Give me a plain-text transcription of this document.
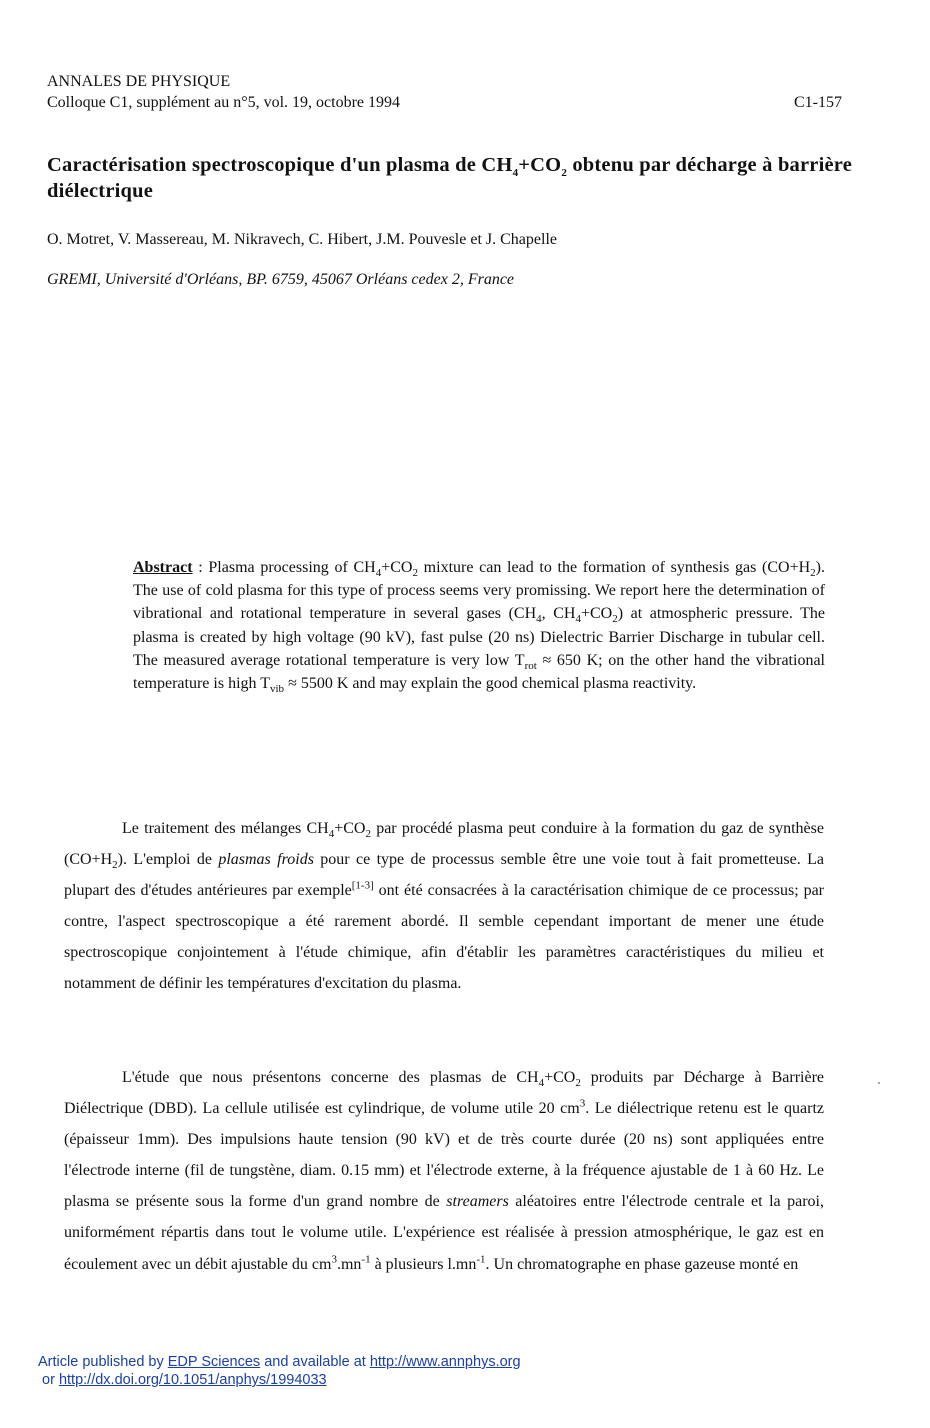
ANNALES DE PHYSIQUE
Colloque C1, supplément au n°5, vol. 19, octobre 1994	C1-157
Caractérisation spectroscopique d'un plasma de $CH_4+CO_2$ obtenu par décharge à barrière diélectrique
O. Motret, V. Massereau, M. Nikravech, C. Hibert, J.M. Pouvesle et J. Chapelle
GREMI, Université d'Orléans, BP. 6759, 45067 Orléans cedex 2, France
Abstract : Plasma processing of $CH_4+CO_2$ mixture can lead to the formation of synthesis gas $(CO+H_2)$. The use of cold plasma for this type of process seems very promissing. We report here the determination of vibrational and rotational temperature in several gases ($CH_4$, $CH_4+CO_2$) at atmospheric pressure. The plasma is created by high voltage (90 kV), fast pulse (20 ns) Dielectric Barrier Discharge in tubular cell. The measured average rotational temperature is very low $T_{rot} \approx 650$ K; on the other hand the vibrational temperature is high $T_{vib} \approx 5500$ K and may explain the good chemical plasma reactivity.
Le traitement des mélanges $CH_4+CO_2$ par procédé plasma peut conduire à la formation du gaz de synthèse $(CO+H_2)$. L'emploi de plasmas froids pour ce type de processus semble être une voie tout à fait prometteuse. La plupart des d'études antérieures par exemple[1-3] ont été consacrées à la caractérisation chimique de ce processus; par contre, l'aspect spectroscopique a été rarement abordé. Il semble cependant important de mener une étude spectroscopique conjointement à l'étude chimique, afin d'établir les paramètres caractéristiques du milieu et notamment de définir les températures d'excitation du plasma.
L'étude que nous présentons concerne des plasmas de $CH_4+CO_2$ produits par Décharge à Barrière Diélectrique (DBD). La cellule utilisée est cylindrique, de volume utile 20 $cm^3$. Le diélectrique retenu est le quartz (épaisseur 1mm). Des impulsions haute tension (90 kV) et de très courte durée (20 ns) sont appliquées entre l'électrode interne (fil de tungstène, diam. 0.15 mm) et l'électrode externe, à la fréquence ajustable de 1 à 60 Hz. Le plasma se présente sous la forme d'un grand nombre de streamers aléatoires entre l'électrode centrale et la paroi, uniformément répartis dans tout le volume utile. L'expérience est réalisée à pression atmosphérique, le gaz est en écoulement avec un débit ajustable du $cm^3.mn^{-1}$ à plusieurs $l.mn^{-1}$. Un chromatographe en phase gazeuse monté en
Article published by EDP Sciences and available at http://www.annphys.org
or http://dx.doi.org/10.1051/anphys/1994033
